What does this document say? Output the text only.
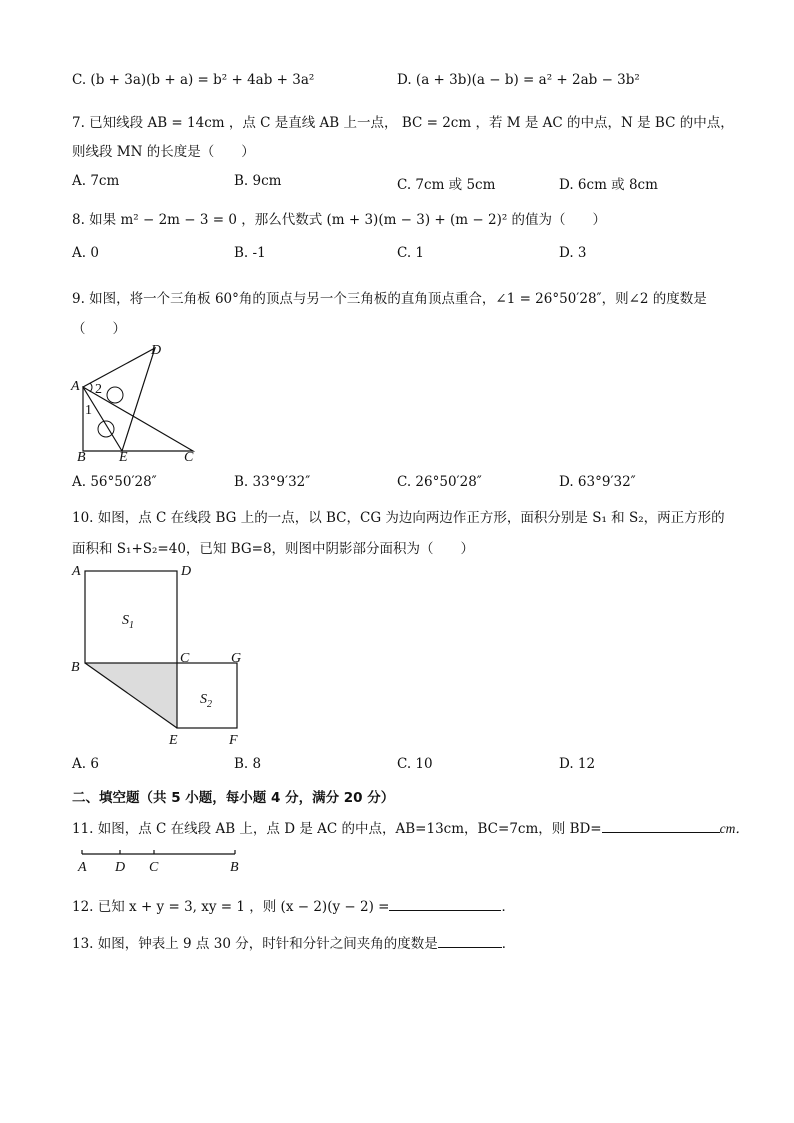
C. (b + 3a)(b + a) = b² + 4ab + 3a²	D. (a + 3b)(a − b) = a² + 2ab − 3b²
7. 已知线段 AB = 14cm ，点 C 是直线 AB 上一点， BC = 2cm ，若 M 是 AC 的中点，N 是 BC 的中点，
则线段 MN 的长度是（　　）
A. 7cm	B. 9cm	C. 7cm 或 5cm	D. 6cm 或 8cm
8. 如果 m² − 2m − 3 = 0 ，那么代数式 (m + 3)(m − 3) + (m − 2)² 的值为（　　）
A. 0	B. -1	C. 1	D. 3
9. 如图，将一个三角板 60°角的顶点与另一个三角板的直角顶点重合，∠1 = 26°50′28″，则∠2 的度数是
（　　）
A
B	C
D
E
1
2
A. 56°50′28″	B. 33°9′32″	C. 26°50′28″	D. 63°9′32″
10. 如图，点 C 在线段 BG 上的一点，以 BC，CG 为边向两边作正方形，面积分别是 S₁ 和 S₂，两正方形的
面积和 S₁+S₂=40，已知 BG=8，则图中阴影部分面积为（　　）
A	D
B
C	G
E	F
$S_1$
$S_2$
A. 6	B. 8	C. 10	D. 12
二、填空题（共 5 小题，每小题 4 分，满分 20 分）
11. 如图，点 C 在线段 AB 上，点 D 是 AC 的中点，AB=13cm，BC=7cm，则 BD=	cm．
A D C	B
12. 已知 x + y = 3, xy = 1 ，则 (x − 2)(y − 2) =	．
13. 如图，钟表上 9 点 30 分，时针和分针之间夹角的度数是	．
